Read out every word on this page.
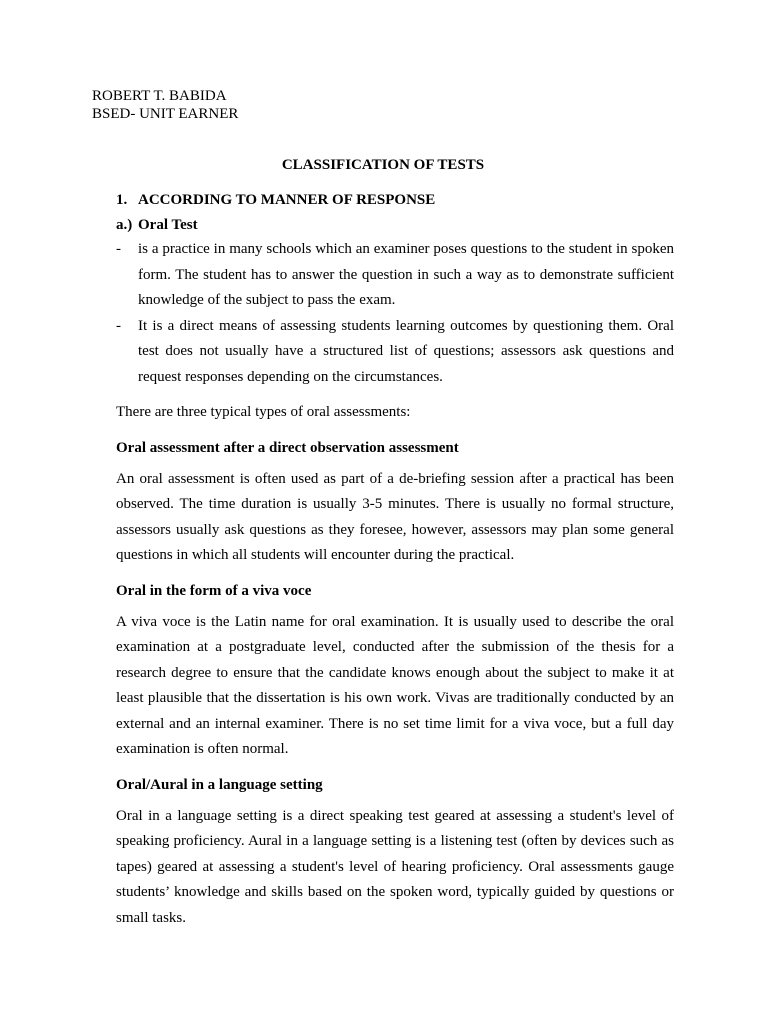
ROBERT T. BABIDA
BSED- UNIT EARNER
CLASSIFICATION OF TESTS
1. ACCORDING TO MANNER OF RESPONSE
a.) Oral Test
- is a practice in many schools which an examiner poses questions to the student in spoken form. The student has to answer the question in such a way as to demonstrate sufficient knowledge of the subject to pass the exam.
- It is a direct means of assessing students learning outcomes by questioning them. Oral test does not usually have a structured list of questions; assessors ask questions and request responses depending on the circumstances.

There are three typical types of oral assessments:

Oral assessment after a direct observation assessment

An oral assessment is often used as part of a de-briefing session after a practical has been observed. The time duration is usually 3-5 minutes. There is usually no formal structure, assessors usually ask questions as they foresee, however, assessors may plan some general questions in which all students will encounter during the practical.

Oral in the form of a viva voce

A viva voce is the Latin name for oral examination. It is usually used to describe the oral examination at a postgraduate level, conducted after the submission of the thesis for a research degree to ensure that the candidate knows enough about the subject to make it at least plausible that the dissertation is his own work. Vivas are traditionally conducted by an external and an internal examiner. There is no set time limit for a viva voce, but a full day examination is often normal.

Oral/Aural in a language setting

Oral in a language setting is a direct speaking test geared at assessing a student's level of speaking proficiency. Aural in a language setting is a listening test (often by devices such as tapes) geared at assessing a student's level of hearing proficiency. Oral assessments gauge students’ knowledge and skills based on the spoken word, typically guided by questions or small tasks.
